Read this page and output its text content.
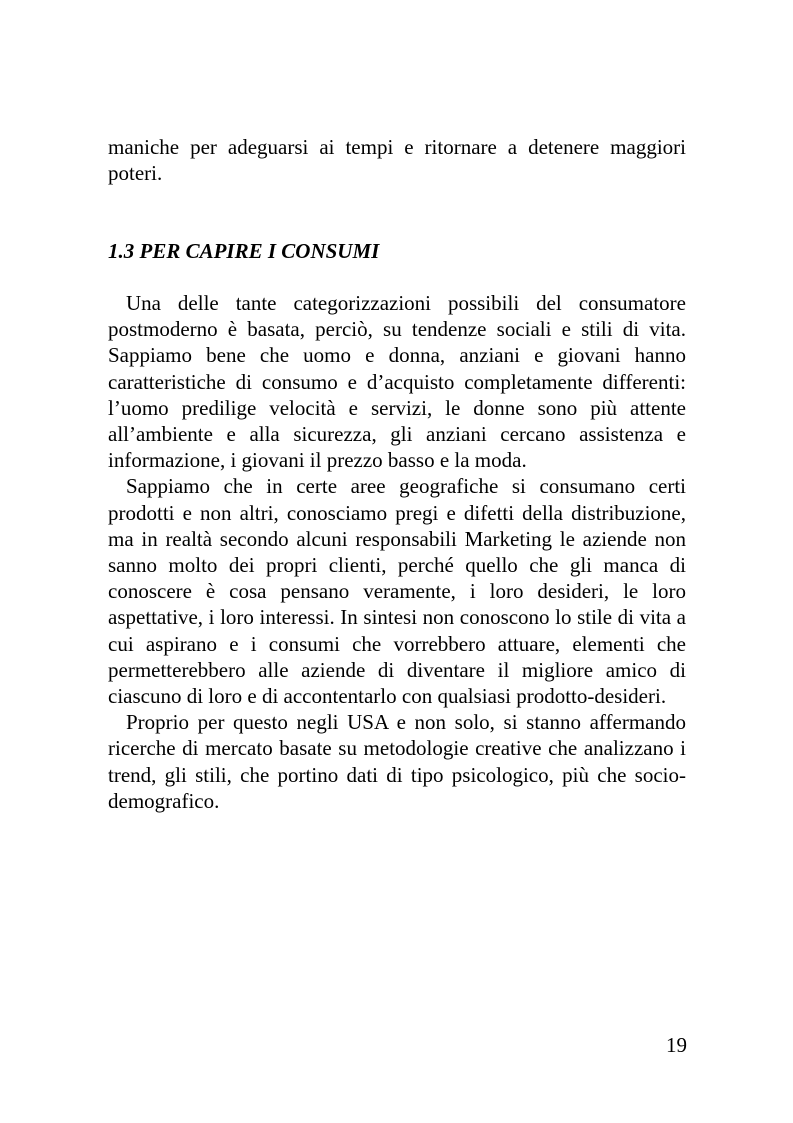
maniche per adeguarsi ai tempi e ritornare a detenere maggiori poteri.

1.3 PER CAPIRE I CONSUMI

Una delle tante categorizzazioni possibili del consumatore postmoderno è basata, perciò, su tendenze sociali e stili di vita. Sappiamo bene che uomo e donna, anziani e giovani hanno caratteristiche di consumo e d’acquisto completamente differenti: l’uomo predilige velocità e servizi, le donne sono più attente all’ambiente e alla sicurezza, gli anziani cercano assistenza e informazione, i giovani il prezzo basso e la moda.

Sappiamo che in certe aree geografiche si consumano certi prodotti e non altri, conosciamo pregi e difetti della distribuzione, ma in realtà secondo alcuni responsabili Marketing le aziende non sanno molto dei propri clienti, perché quello che gli manca di conoscere è cosa pensano veramente, i loro desideri, le loro aspettative, i loro interessi. In sintesi non conoscono lo stile di vita a cui aspirano e i consumi che vorrebbero attuare, elementi che permetterebbero alle aziende di diventare il migliore amico di ciascuno di loro e di accontentarlo con qualsiasi prodotto-desideri.

Proprio per questo negli USA e non solo, si stanno affermando ricerche di mercato basate su metodologie creative che analizzano i trend, gli stili, che portino dati di tipo psicologico, più che socio-demografico.

19
